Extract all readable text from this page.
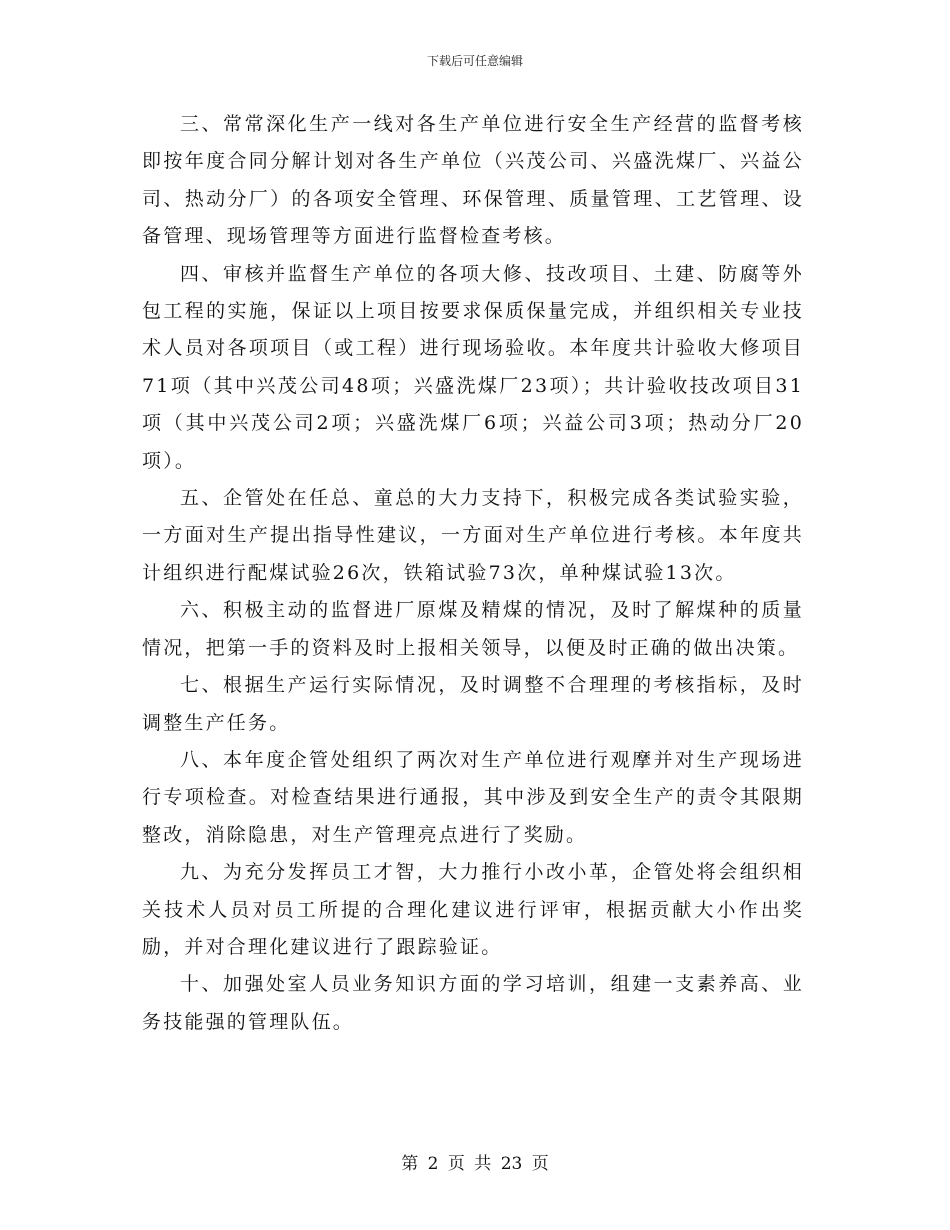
下载后可任意编辑

三、常常深化生产一线对各生产单位进行安全生产经营的监督考核即按年度合同分解计划对各生产单位（兴茂公司、兴盛洗煤厂、兴益公司、热动分厂）的各项安全管理、环保管理、质量管理、工艺管理、设备管理、现场管理等方面进行监督检查考核。

四、审核并监督生产单位的各项大修、技改项目、土建、防腐等外包工程的实施，保证以上项目按要求保质保量完成，并组织相关专业技术人员对各项项目（或工程）进行现场验收。本年度共计验收大修项目71项（其中兴茂公司48项；兴盛洗煤厂23项）；共计验收技改项目31项（其中兴茂公司2项；兴盛洗煤厂6项；兴益公司3项；热动分厂20项）。

五、企管处在任总、童总的大力支持下，积极完成各类试验实验，一方面对生产提出指导性建议，一方面对生产单位进行考核。本年度共计组织进行配煤试验26次，铁箱试验73次，单种煤试验13次。

六、积极主动的监督进厂原煤及精煤的情况，及时了解煤种的质量情况，把第一手的资料及时上报相关领导，以便及时正确的做出决策。

七、根据生产运行实际情况，及时调整不合理理的考核指标，及时调整生产任务。

八、本年度企管处组织了两次对生产单位进行观摩并对生产现场进行专项检查。对检查结果进行通报，其中涉及到安全生产的责令其限期整改，消除隐患，对生产管理亮点进行了奖励。

九、为充分发挥员工才智，大力推行小改小革，企管处将会组织相关技术人员对员工所提的合理化建议进行评审，根据贡献大小作出奖励，并对合理化建议进行了跟踪验证。

十、加强处室人员业务知识方面的学习培训，组建一支素养高、业务技能强的管理队伍。

第 2 页 共 23 页
